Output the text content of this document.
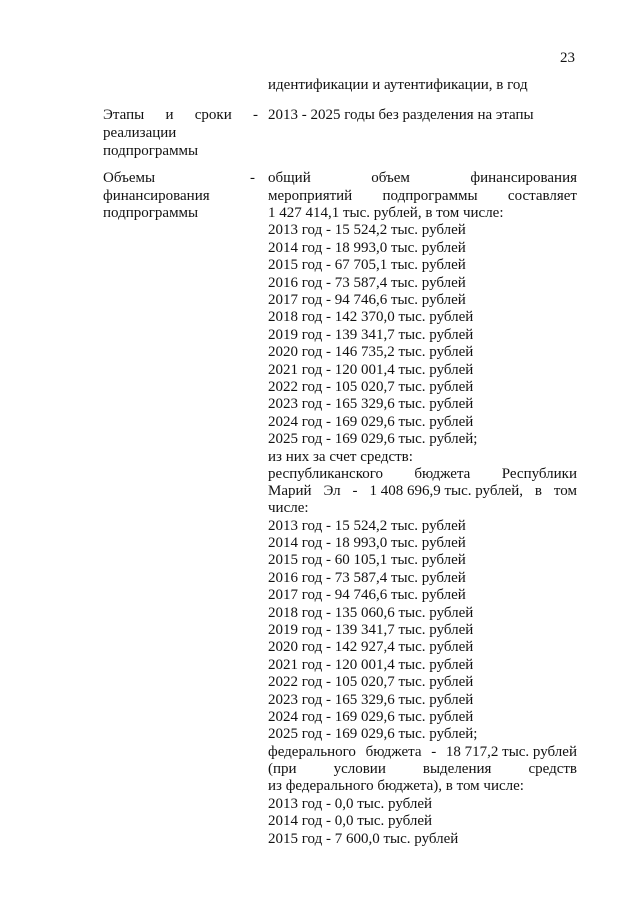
23
идентификации и аутентификации, в год
Этапы и сроки - 2013 - 2025 годы без разделения на этапы
реализации
подпрограммы
Объемы
финансирования
подпрограммы
- общий	объем	финансирования
мероприятий подпрограммы составляет
1 427 414,1 тыс. рублей, в том числе:
2013 год - 15 524,2 тыс. рублей
2014 год - 18 993,0 тыс. рублей
2015 год - 67 705,1 тыс. рублей
2016 год - 73 587,4 тыс. рублей
2017 год - 94 746,6 тыс. рублей
2018 год - 142 370,0 тыс. рублей
2019 год - 139 341,7 тыс. рублей
2020 год - 146 735,2 тыс. рублей
2021 год - 120 001,4 тыс. рублей
2022 год - 105 020,7 тыс. рублей
2023 год - 165 329,6 тыс. рублей
2024 год - 169 029,6 тыс. рублей
2025 год - 169 029,6 тыс. рублей;
из них за счет средств:
республиканского бюджета Республики
Марий Эл - 1 408 696,9 тыс. рублей, в том
числе:
2013 год - 15 524,2 тыс. рублей
2014 год - 18 993,0 тыс. рублей
2015 год - 60 105,1 тыс. рублей
2016 год - 73 587,4 тыс. рублей
2017 год - 94 746,6 тыс. рублей
2018 год - 135 060,6 тыс. рублей
2019 год - 139 341,7 тыс. рублей
2020 год - 142 927,4 тыс. рублей
2021 год - 120 001,4 тыс. рублей
2022 год - 105 020,7 тыс. рублей
2023 год - 165 329,6 тыс. рублей
2024 год - 169 029,6 тыс. рублей
2025 год - 169 029,6 тыс. рублей;
федерального бюджета - 18 717,2 тыс. рублей
(при условии выделения средств
из федерального бюджета), в том числе:
2013 год - 0,0 тыс. рублей
2014 год - 0,0 тыс. рублей
2015 год - 7 600,0 тыс. рублей
